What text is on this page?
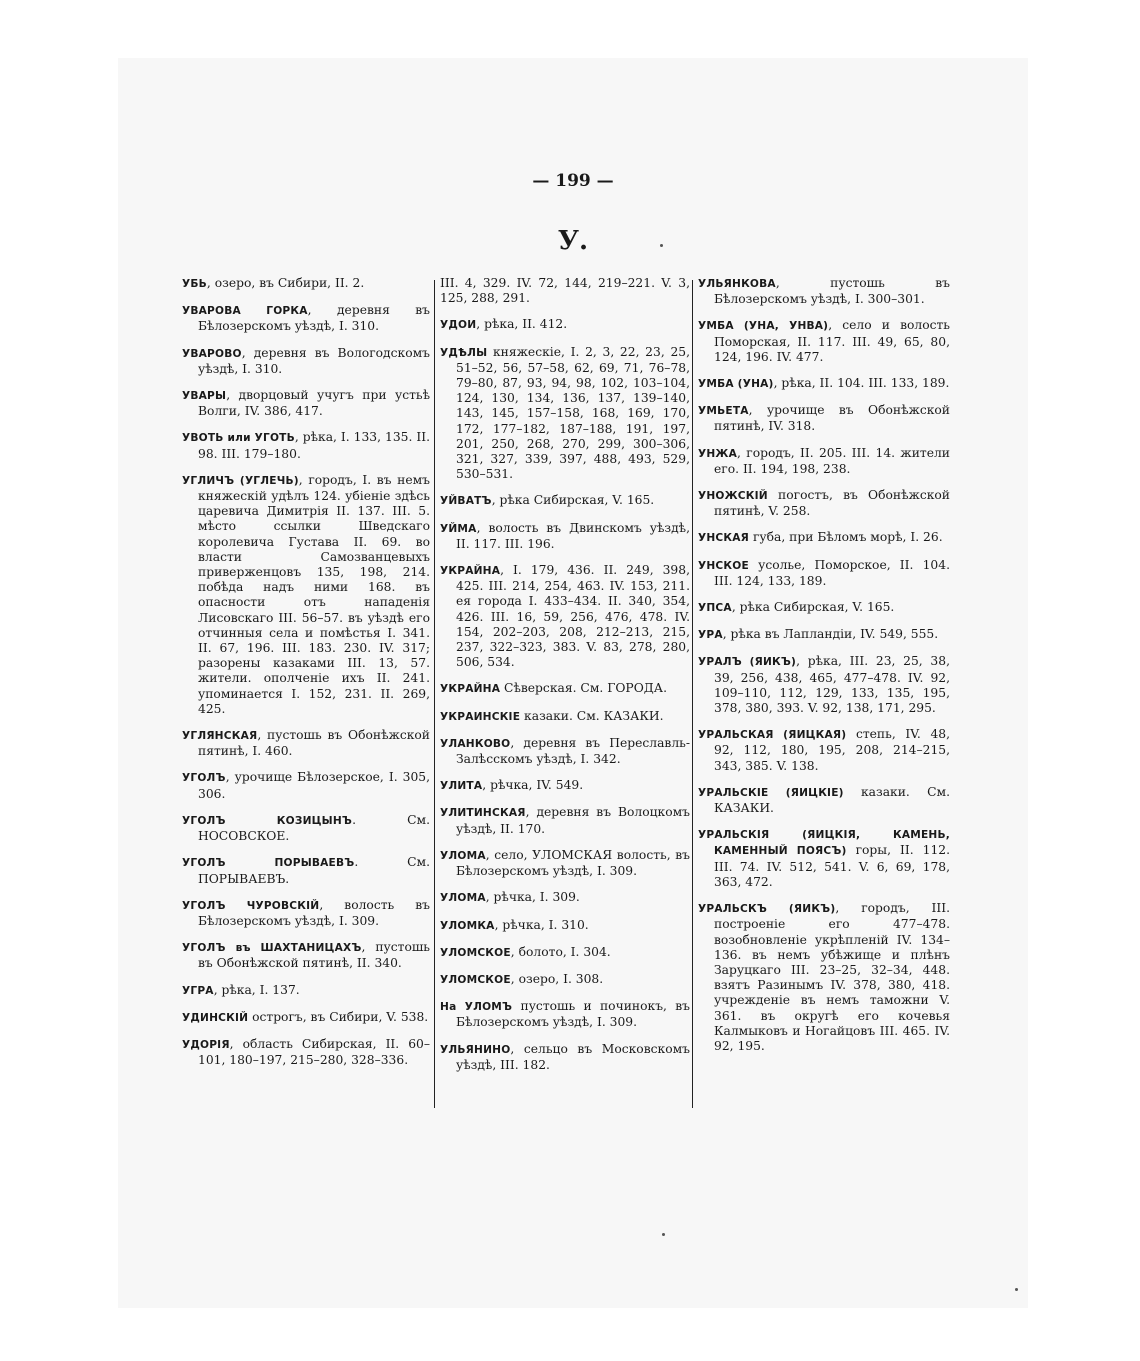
— 199 —
У.

УБЬ, озеро, въ Сибири, II. 2.

УВАРОВА ГОРКА, деревня въ Бѣлозерскомъ уѣздѣ, I. 310.

УВАРОВО, деревня въ Вологодскомъ уѣздѣ, I. 310.

УВАРЫ, дворцовый учугъ при устьѣ Волги, IV. 386, 417.

УВОТЬ или УГОТЬ, рѣка, I. 133, 135. II. 98. III. 179–180.

УГЛИЧЪ (УГЛЕЧЬ), городъ, I. въ немъ княжескій удѣлъ 124. убіеніе здѣсь царевича Димитрія II. 137. III. 5. мѣсто ссылки Шведскаго королевича Густава II. 69. во власти Самозванцевыхъ приверженцовъ 135, 198, 214. побѣда надъ ними 168. въ опасности отъ нападенія Лисовскаго III. 56–57. въ уѣздѣ его отчинныя села и помѣстья I. 341. II. 67, 196. III. 183. 230. IV. 317; разорены казаками III. 13, 57. жители. ополченіе ихъ II. 241. упоминается I. 152, 231. II. 269, 425.

УГЛЯНСКАЯ, пустошь въ Обонѣжской пятинѣ, I. 460.

УГОЛЪ, урочище Бѣлозерское, I. 305, 306.

УГОЛЪ КОЗИЦЫНЪ. См. НОСОВСКОЕ.

УГОЛЪ ПОРЫВАЕВЪ. См. ПОРЫВАЕВЪ.

УГОЛЪ ЧУРОВСКІЙ, волость въ Бѣлозерскомъ уѣздѣ, I. 309.

УГОЛЪ въ ШАХТАНИЦАХЪ, пустошь въ Обонѣжской пятинѣ, II. 340.

УГРА, рѣка, I. 137.

УДИНСКІЙ острогъ, въ Сибири, V. 538.

УДОРІЯ, область Сибирская, II. 60–101, 180–197, 215–280, 328–336.

III. 4, 329. IV. 72, 144, 219–221. V. 3, 125, 288, 291.

УДОИ, рѣка, II. 412.

УДѢЛЫ княжескіе, I. 2, 3, 22, 23, 25, 51–52, 56, 57–58, 62, 69, 71, 76–78, 79–80, 87, 93, 94, 98, 102, 103–104, 124, 130, 134, 136, 137, 139–140, 143, 145, 157–158, 168, 169, 170, 172, 177–182, 187–188, 191, 197, 201, 250, 268, 270, 299, 300–306, 321, 327, 339, 397, 488, 493, 529, 530–531.

УЙВАТЪ, рѣка Сибирская, V. 165.

УЙМА, волость въ Двинскомъ уѣздѣ, II. 117. III. 196.

УКРАЙНА, I. 179, 436. II. 249, 398, 425. III. 214, 254, 463. IV. 153, 211. ея города I. 433–434. II. 340, 354, 426. III. 16, 59, 256, 476, 478. IV. 154, 202–203, 208, 212–213, 215, 237, 322–323, 383. V. 83, 278, 280, 506, 534.

УКРАЙНА Сѣверская. См. ГОРОДА.

УКРАИНСКІЕ казаки. См. КАЗАКИ.

УЛАНКОВО, деревня въ Переславль-Залѣсскомъ уѣздѣ, I. 342.

УЛИТА, рѣчка, IV. 549.

УЛИТИНСКАЯ, деревня въ Волоцкомъ уѣздѣ, II. 170.

УЛОМА, село, УЛОМСКАЯ волость, въ Бѣлозерскомъ уѣздѣ, I. 309.

УЛОМА, рѣчка, I. 309.

УЛОМКА, рѣчка, I. 310.

УЛОМСКОЕ, болото, I. 304.

УЛОМСКОЕ, озеро, I. 308.

На УЛОМЪ пустошь и починокъ, въ Бѣлозерскомъ уѣздѣ, I. 309.

УЛЬЯНИНО, сельцо въ Московскомъ уѣздѣ, III. 182.

УЛЬЯНКОВА, пустошь въ Бѣлозерскомъ уѣздѣ, I. 300–301.

УМБА (УНА, УНВА), село и волость Поморская, II. 117. III. 49, 65, 80, 124, 196. IV. 477.

УМБА (УНА), рѣка, II. 104. III. 133, 189.

УМЬЕТА, урочище въ Обонѣжской пятинѣ, IV. 318.

УНЖА, городъ, II. 205. III. 14. жители его. II. 194, 198, 238.

УНОЖСКІЙ погостъ, въ Обонѣжской пятинѣ, V. 258.

УНСКАЯ губа, при Бѣломъ морѣ, I. 26.

УНСКОЕ усолье, Поморское, II. 104. III. 124, 133, 189.

УПСА, рѣка Сибирская, V. 165.

УРА, рѣка въ Лапландіи, IV. 549, 555.

УРАЛЪ (ЯИКЪ), рѣка, III. 23, 25, 38, 39, 256, 438, 465, 477–478. IV. 92, 109–110, 112, 129, 133, 135, 195, 378, 380, 393. V. 92, 138, 171, 295.

УРАЛЬСКАЯ (ЯИЦКАЯ) степь, IV. 48, 92, 112, 180, 195, 208, 214–215, 343, 385. V. 138.

УРАЛЬСКІЕ (ЯИЦКІЕ) казаки. См. КАЗАКИ.

УРАЛЬСКІЯ (ЯИЦКІЯ, КАМЕНЬ, КАМЕННЫЙ ПОЯСЪ) горы, II. 112. III. 74. IV. 512, 541. V. 6, 69, 178, 363, 472.

УРАЛЬСКЪ (ЯИКЪ), городъ, III. построеніе его 477–478. возобновленіе укрѣпленій IV. 134–136. въ немъ убѣжище и плѣнъ Заруцкаго III. 23–25, 32–34, 448. взятъ Разинымъ IV. 378, 380, 418. учрежденіе въ немъ таможни V. 361. въ округѣ его кочевья Калмыковъ и Ногайцовъ III. 465. IV. 92, 195.
